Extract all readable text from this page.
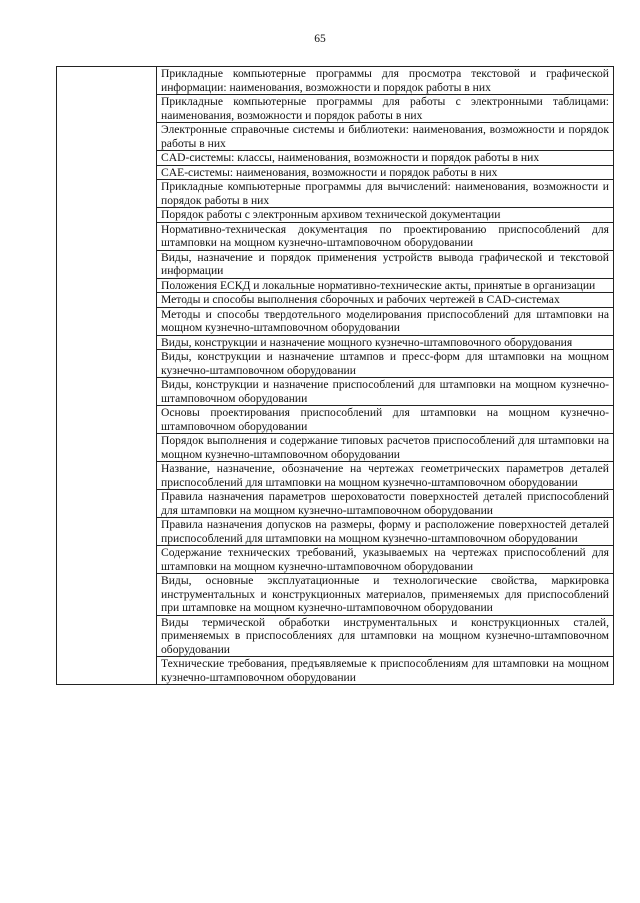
65
	Прикладные компьютерные программы для просмотра текстовой и графической информации: наименования, возможности и порядок работы в них
Прикладные компьютерные программы для работы с электронными таблицами: наименования, возможности и порядок работы в них
Электронные справочные системы и библиотеки: наименования, возможности и порядок работы в них
CAD-системы: классы, наименования, возможности и порядок работы в них
CAE-системы: наименования, возможности и порядок работы в них
Прикладные компьютерные программы для вычислений: наименования, возможности и порядок работы в них
Порядок работы с электронным архивом технической документации
Нормативно-техническая документация по проектированию приспособлений для штамповки на мощном кузнечно-штамповочном оборудовании
Виды, назначение и порядок применения устройств вывода графической и текстовой информации
Положения ЕСКД и локальные нормативно-технические акты, принятые в организации
Методы и способы выполнения сборочных и рабочих чертежей в CAD-системах
Методы и способы твердотельного моделирования приспособлений для штамповки на мощном кузнечно-штамповочном оборудовании
Виды, конструкции и назначение мощного кузнечно-штамповочного оборудования
Виды, конструкции и назначение штампов и пресс-форм для штамповки на мощном кузнечно-штамповочном оборудовании
Виды, конструкции и назначение приспособлений для штамповки на мощном кузнечно-штамповочном оборудовании
Основы проектирования приспособлений для штамповки на мощном кузнечно-штамповочном оборудовании
Порядок выполнения и содержание типовых расчетов приспособлений для штамповки на мощном кузнечно-штамповочном оборудовании
Название, назначение, обозначение на чертежах геометрических параметров деталей приспособлений для штамповки на мощном кузнечно-штамповочном оборудовании
Правила назначения параметров шероховатости поверхностей деталей приспособлений для штамповки на мощном кузнечно-штамповочном оборудовании
Правила назначения допусков на размеры, форму и расположение поверхностей деталей приспособлений для штамповки на мощном кузнечно-штамповочном оборудовании
Содержание технических требований, указываемых на чертежах приспособлений для штамповки на мощном кузнечно-штамповочном оборудовании
Виды, основные эксплуатационные и технологические свойства, маркировка инструментальных и конструкционных материалов, применяемых для приспособлений при штамповке на мощном кузнечно-штамповочном оборудовании
Виды термической обработки инструментальных и конструкционных сталей, применяемых в приспособлениях для штамповки на мощном кузнечно-штамповочном оборудовании
Технические требования, предъявляемые к приспособлениям для штамповки на мощном кузнечно-штамповочном оборудовании
